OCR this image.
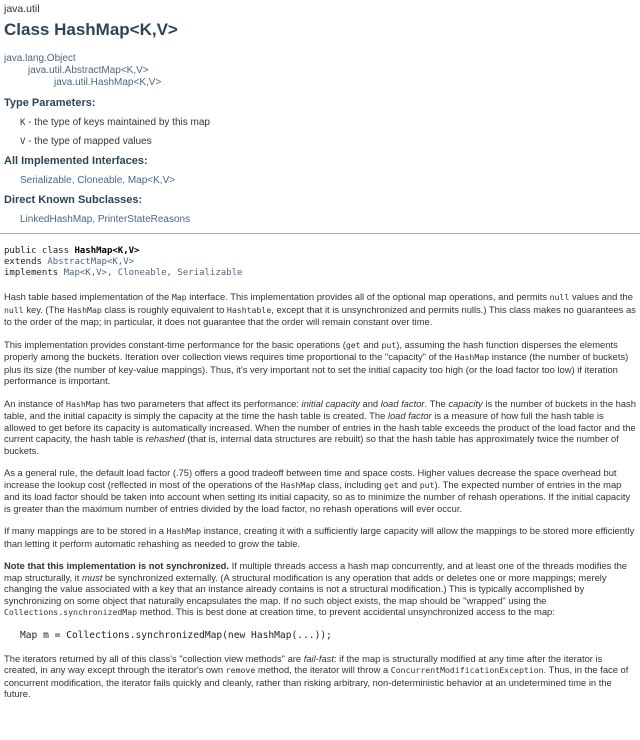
java.util
Class HashMap<K,V>
java.lang.Object
java.util.AbstractMap<K,V>
java.util.HashMap<K,V>
Type Parameters:
K - the type of keys maintained by this map
V - the type of mapped values
All Implemented Interfaces:
Serializable, Cloneable, Map<K,V>
Direct Known Subclasses:
LinkedHashMap, PrinterStateReasons
public class HashMap<K,V>
extends AbstractMap<K,V>
implements Map<K,V>, Cloneable, Serializable

Hash table based implementation of the Map interface. This implementation provides all of the optional map operations, and permits null values and the null key. (The HashMap class is roughly equivalent to Hashtable, except that it is unsynchronized and permits nulls.) This class makes no guarantees as to the order of the map; in particular, it does not guarantee that the order will remain constant over time.

This implementation provides constant-time performance for the basic operations (get and put), assuming the hash function disperses the elements properly among the buckets. Iteration over collection views requires time proportional to the "capacity" of the HashMap instance (the number of buckets) plus its size (the number of key-value mappings). Thus, it's very important not to set the initial capacity too high (or the load factor too low) if iteration performance is important.

An instance of HashMap has two parameters that affect its performance: initial capacity and load factor. The capacity is the number of buckets in the hash table, and the initial capacity is simply the capacity at the time the hash table is created. The load factor is a measure of how full the hash table is allowed to get before its capacity is automatically increased. When the number of entries in the hash table exceeds the product of the load factor and the current capacity, the hash table is rehashed (that is, internal data structures are rebuilt) so that the hash table has approximately twice the number of buckets.

As a general rule, the default load factor (.75) offers a good tradeoff between time and space costs. Higher values decrease the space overhead but increase the lookup cost (reflected in most of the operations of the HashMap class, including get and put). The expected number of entries in the map and its load factor should be taken into account when setting its initial capacity, so as to minimize the number of rehash operations. If the initial capacity is greater than the maximum number of entries divided by the load factor, no rehash operations will ever occur.

If many mappings are to be stored in a HashMap instance, creating it with a sufficiently large capacity will allow the mappings to be stored more efficiently than letting it perform automatic rehashing as needed to grow the table.

Note that this implementation is not synchronized. If multiple threads access a hash map concurrently, and at least one of the threads modifies the map structurally, it must be synchronized externally. (A structural modification is any operation that adds or deletes one or more mappings; merely changing the value associated with a key that an instance already contains is not a structural modification.) This is typically accomplished by synchronizing on some object that naturally encapsulates the map. If no such object exists, the map should be "wrapped" using the Collections.synchronizedMap method. This is best done at creation time, to prevent accidental unsynchronized access to the map:

Map m = Collections.synchronizedMap(new HashMap(...));

The iterators returned by all of this class's "collection view methods" are fail-fast: if the map is structurally modified at any time after the iterator is created, in any way except through the iterator's own remove method, the iterator will throw a ConcurrentModificationException. Thus, in the face of concurrent modification, the iterator fails quickly and cleanly, rather than risking arbitrary, non-deterministic behavior at an undetermined time in the future.
